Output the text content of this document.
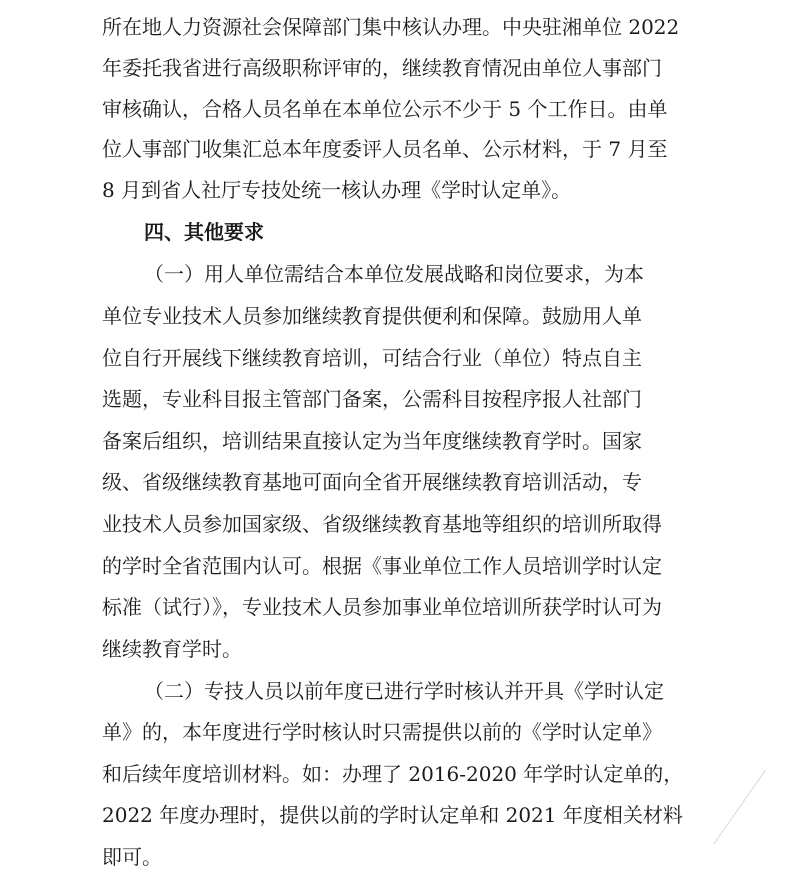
所在地人力资源社会保障部门集中核认办理。中央驻湘单位 2022
年委托我省进行高级职称评审的，继续教育情况由单位人事部门
审核确认，合格人员名单在本单位公示不少于 5 个工作日。由单
位人事部门收集汇总本年度委评人员名单、公示材料，于 7 月至
8 月到省人社厅专技处统一核认办理《学时认定单》。
四、其他要求
（一）用人单位需结合本单位发展战略和岗位要求，为本
单位专业技术人员参加继续教育提供便利和保障。鼓励用人单
位自行开展线下继续教育培训，可结合行业（单位）特点自主
选题，专业科目报主管部门备案，公需科目按程序报人社部门
备案后组织，培训结果直接认定为当年度继续教育学时。国家
级、省级继续教育基地可面向全省开展继续教育培训活动，专
业技术人员参加国家级、省级继续教育基地等组织的培训所取得
的学时全省范围内认可。根据《事业单位工作人员培训学时认定
标准（试行）》，专业技术人员参加事业单位培训所获学时认可为
继续教育学时。
（二）专技人员以前年度已进行学时核认并开具《学时认定
单》的，本年度进行学时核认时只需提供以前的《学时认定单》
和后续年度培训材料。如：办理了 2016-2020 年学时认定单的，
2022 年度办理时，提供以前的学时认定单和 2021 年度相关材料
即可。
